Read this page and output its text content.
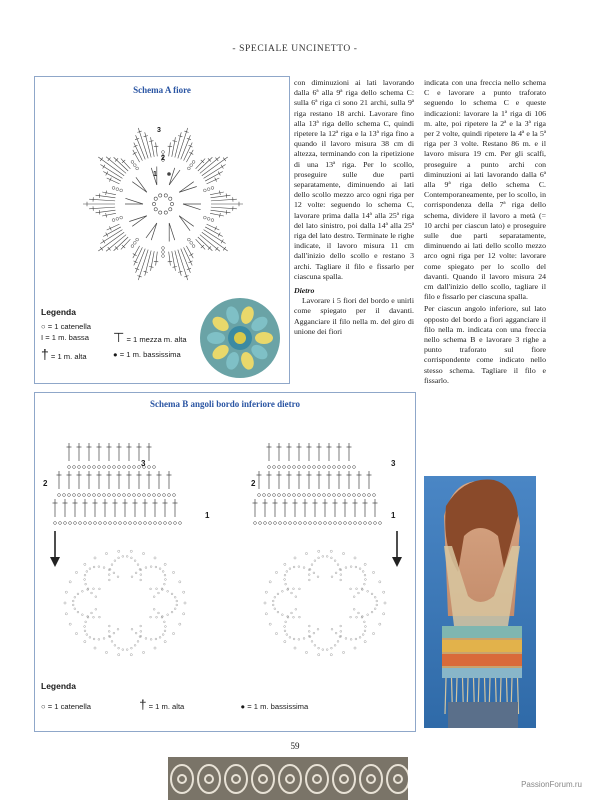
- SPECIALE UNCINETTO -
Schema A fiore
3
2
1
Legenda
○ = 1 catenella
I = 1 m. bassa
† = 1 m. alta
⊤ = 1 mezza m. alta
● = 1 m. bassissima
Schema B angoli bordo inferiore dietro
3
2
1
3
2
1
Legenda
○ = 1 catenella	† = 1 m. alta	● = 1 m. bassissima

con diminuzioni ai lati lavorando dalla 6ª alla 9ª riga dello schema C: sulla 6ª riga ci sono 21 archi, sulla 9ª riga restano 18 archi. Lavorare fino alla 13ª riga dello schema C, quindi ripetere la 12ª riga e la 13ª riga fino a quando il lavoro misura 38 cm di altezza, terminando con la ripetizione di una 13ª riga. Per lo scollo, proseguire sulle due parti separatamente, diminuendo ai lati dello scollo mezzo arco ogni riga per 12 volte: seguendo lo schema C, lavorare prima dalla 14ª alla 25ª riga del lato sinistro, poi dalla 14ª alla 25ª riga del lato destro. Terminate le righe indicate, il lavoro misura 11 cm dall'inizio dello scollo e restano 3 archi. Tagliare il filo e fissarlo per ciascuna spalla.

Dietro

Lavorare i 5 fiori del bordo e unirli come spiegato per il davanti. Agganciare il filo nella m. del giro di unione dei fiori

indicata con una freccia nello schema C e lavorare a punto traforato seguendo lo schema C e queste indicazioni: lavorare la 1ª riga di 106 m. alte, poi ripetere la 2ª e la 3ª riga per 2 volte, quindi ripetere la 4ª e la 5ª riga per 3 volte. Restano 86 m. e il lavoro misura 19 cm. Per gli scalfi, proseguire a punto archi con diminuzioni ai lati lavorando dalla 6ª alla 9ª riga dello schema C. Contemporaneamente, per lo scollo, in corrispondenza della 7ª riga dello schema, dividere il lavoro a metà (= 10 archi per ciascun lato) e proseguire sulle due parti separatamente, diminuendo ai lati dello scollo mezzo arco ogni riga per 12 volte: lavorare come spiegato per lo scollo del davanti. Quando il lavoro misura 24 cm dall'inizio dello scollo, tagliare il filo e fissarlo per ciascuna spalla.

Per ciascun angolo inferiore, sul lato opposto del bordo a fiori agganciare il filo nella m. indicata con una freccia nello schema B e lavorare 3 righe a punto traforato sul fiore corrispondente come indicato nello stesso schema. Tagliare il filo e fissarlo.

59
PassionForum.ru
